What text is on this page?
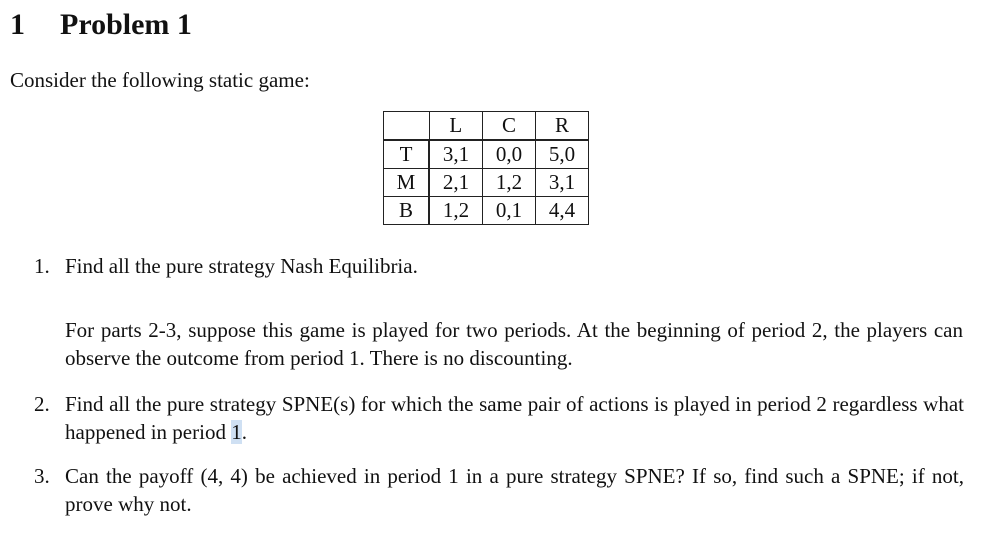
1	Problem 1
Consider the following static game:
	L	C	R
T	3,1	0,0	5,0
M	2,1	1,2	3,1
B	1,2	0,1	4,4
1. Find all the pure strategy Nash Equilibria.
For parts 2-3, suppose this game is played for two periods. At the beginning of period 2, the players can observe the outcome from period 1. There is no discounting.
2. Find all the pure strategy SPNE(s) for which the same pair of actions is played in period 2 regardless what happened in period 1.
3. Can the payoff (4, 4) be achieved in period 1 in a pure strategy SPNE? If so, find such a SPNE; if not, prove why not.
